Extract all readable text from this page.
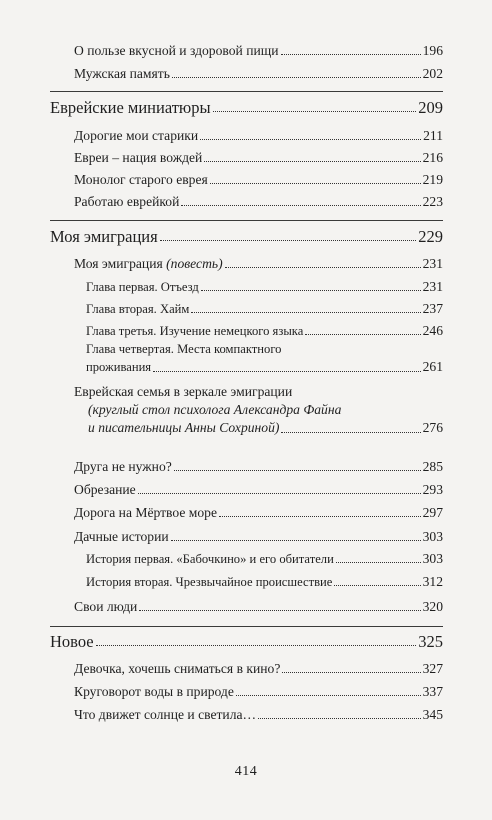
О пользе вкусной и здоровой пищи	196
Мужская память	202
Еврейские миниатюры	209
Дорогие мои старики	211
Евреи – нация вождей	216
Монолог старого еврея	219
Работаю еврейкой	223
Моя эмиграция	229
Моя эмиграция (повесть)	231
Глава первая. Отъезд	231
Глава вторая. Хайм	237
Глава третья. Изучение немецкого языка	246
Глава четвертая. Места компактного
проживания	261
Еврейская семья в зеркале эмиграции
(круглый стол психолога Александра Файна
и писательницы Анны Сохриной)	276
Друга не нужно?	285
Обрезание	293
Дорога на Мёртвое море	297
Дачные истории	303
История первая. «Бабочкино» и его обитатели	303
История вторая. Чрезвычайное происшествие	312
Свои люди	320
Новое	325
Девочка, хочешь сниматься в кино?	327
Круговорот воды в природе	337
Что движет солнце и светила…	345
414
